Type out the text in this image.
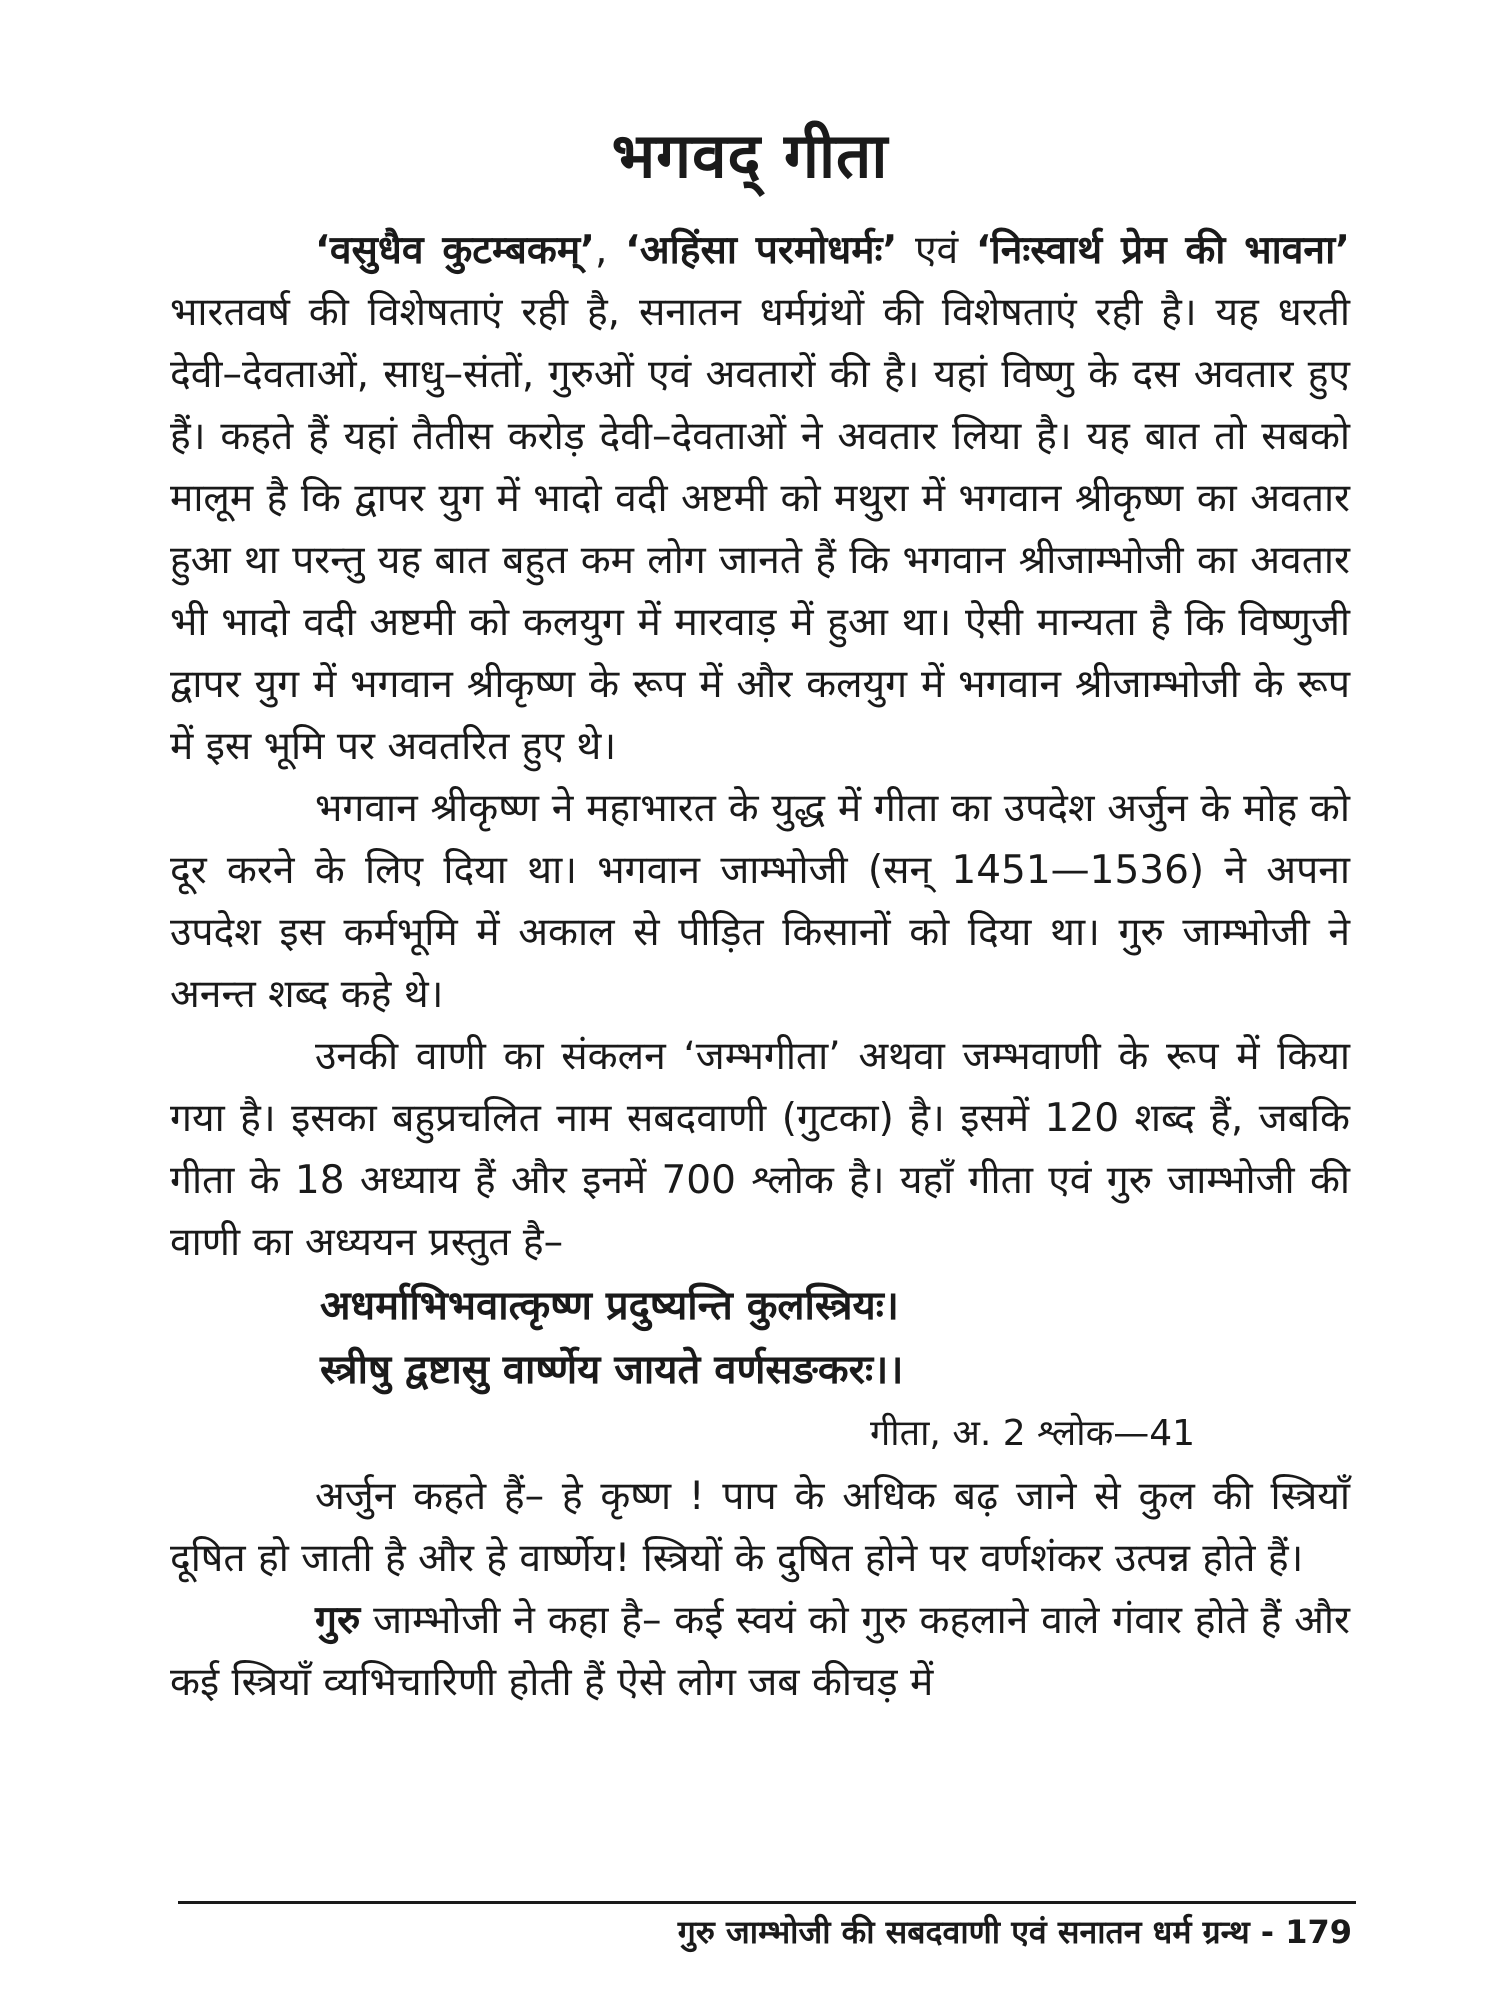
भगवद् गीता

‘वसुधैव कुटम्बकम्’, ‘अहिंसा परमोधर्मः’ एवं ‘निःस्वार्थ प्रेम की भावना’ भारतवर्ष की विशेषताएं रही है, सनातन धर्मग्रंथों की विशेषताएं रही है। यह धरती देवी–देवताओं, साधु–संतों, गुरुओं एवं अवतारों की है। यहां विष्णु के दस अवतार हुए हैं। कहते हैं यहां तैतीस करोड़ देवी–देवताओं ने अवतार लिया है। यह बात तो सबको मालूम है कि द्वापर युग में भादो वदी अष्टमी को मथुरा में भगवान श्रीकृष्ण का अवतार हुआ था परन्तु यह बात बहुत कम लोग जानते हैं कि भगवान श्रीजाम्भोजी का अवतार भी भादो वदी अष्टमी को कलयुग में मारवाड़ में हुआ था। ऐसी मान्यता है कि विष्णुजी द्वापर युग में भगवान श्रीकृष्ण के रूप में और कलयुग में भगवान श्रीजाम्भोजी के रूप में इस भूमि पर अवतरित हुए थे।

भगवान श्रीकृष्ण ने महाभारत के युद्ध में गीता का उपदेश अर्जुन के मोह को दूर करने के लिए दिया था। भगवान जाम्भोजी (सन् 1451—1536) ने अपना उपदेश इस कर्मभूमि में अकाल से पीड़ित किसानों को दिया था। गुरु जाम्भोजी ने अनन्त शब्द कहे थे।

उनकी वाणी का संकलन ‘जम्भगीता’ अथवा जम्भवाणी के रूप में किया गया है। इसका बहुप्रचलित नाम सबदवाणी (गुटका) है। इसमें 120 शब्द हैं, जबकि गीता के 18 अध्याय हैं और इनमें 700 श्लोक है। यहाँ गीता एवं गुरु जाम्भोजी की वाणी का अध्ययन प्रस्तुत है–

अधर्माभिभवात्कृष्ण प्रदुष्यन्ति कुलस्त्रियः।

स्त्रीषु द्वष्टासु वार्ष्णेय जायते वर्णसङकरः।।

गीता, अ. 2 श्लोक—41

अर्जुन कहते हैं– हे कृष्ण ! पाप के अधिक बढ़ जाने से कुल की स्त्रियाँ दूषित हो जाती है और हे वार्ष्णेय! स्त्रियों के दुषित होने पर वर्णशंकर उत्पन्न होते हैं।

गुरु जाम्भोजी ने कहा है– कई स्वयं को गुरु कहलाने वाले गंवार होते हैं और कई स्त्रियाँ व्यभिचारिणी होती हैं ऐसे लोग जब कीचड़ में

गुरु जाम्भोजी की सबदवाणी एवं सनातन धर्म ग्रन्थ - 179
